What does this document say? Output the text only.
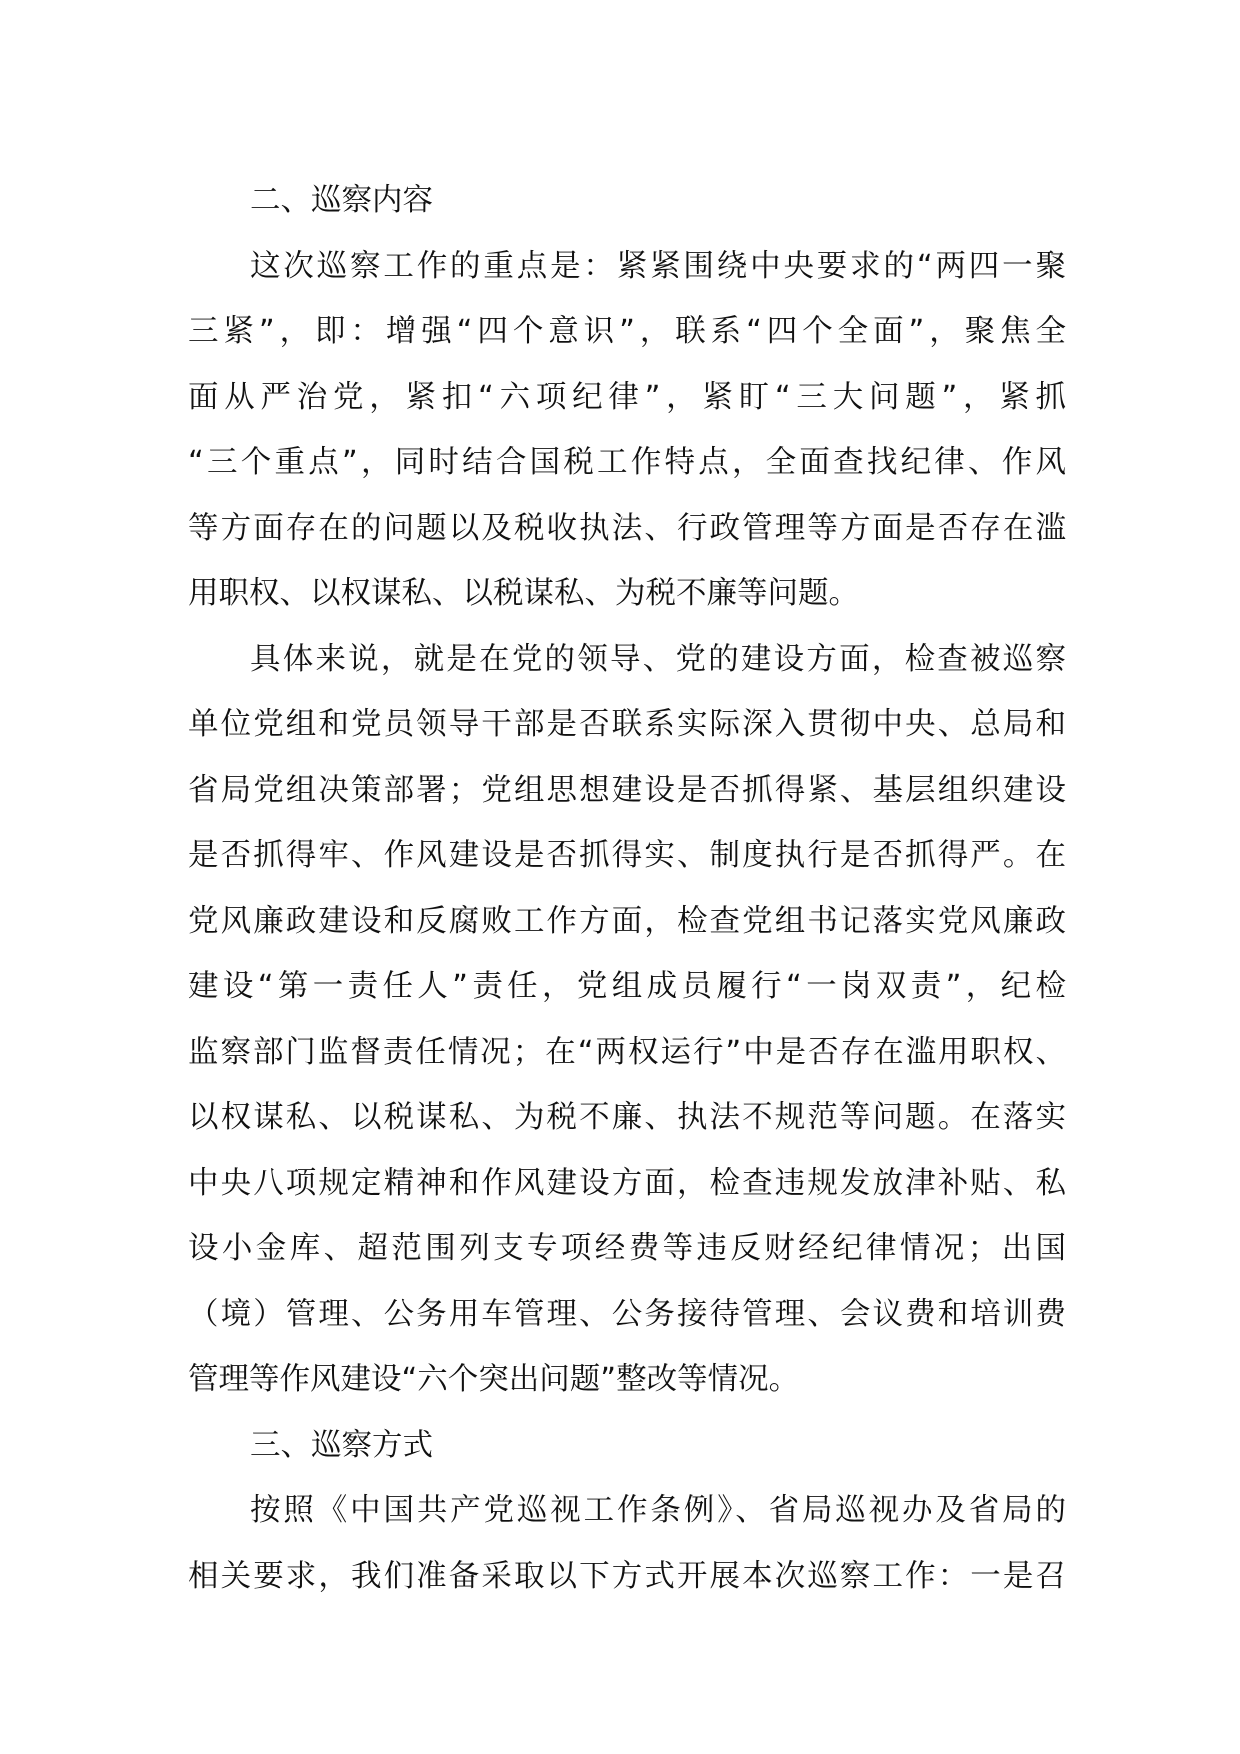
二、巡察内容
这次巡察工作的重点是：紧紧围绕中央要求的“两四一聚
三紧”，即：增强“四个意识”，联系“四个全面”，聚焦全
面从严治党，紧扣“六项纪律”，紧盯“三大问题”，紧抓
“三个重点”，同时结合国税工作特点，全面查找纪律、作风
等方面存在的问题以及税收执法、行政管理等方面是否存在滥
用职权、以权谋私、以税谋私、为税不廉等问题。
具体来说，就是在党的领导、党的建设方面，检查被巡察
单位党组和党员领导干部是否联系实际深入贯彻中央、总局和
省局党组决策部署；党组思想建设是否抓得紧、基层组织建设
是否抓得牢、作风建设是否抓得实、制度执行是否抓得严。在
党风廉政建设和反腐败工作方面，检查党组书记落实党风廉政
建设“第一责任人”责任，党组成员履行“一岗双责”，纪检
监察部门监督责任情况；在“两权运行”中是否存在滥用职权、
以权谋私、以税谋私、为税不廉、执法不规范等问题。在落实
中央八项规定精神和作风建设方面，检查违规发放津补贴、私
设小金库、超范围列支专项经费等违反财经纪律情况；出国
（境）管理、公务用车管理、公务接待管理、会议费和培训费
管理等作风建设“六个突出问题”整改等情况。
三、巡察方式
按照《中国共产党巡视工作条例》、省局巡视办及省局的
相关要求，我们准备采取以下方式开展本次巡察工作：一是召
